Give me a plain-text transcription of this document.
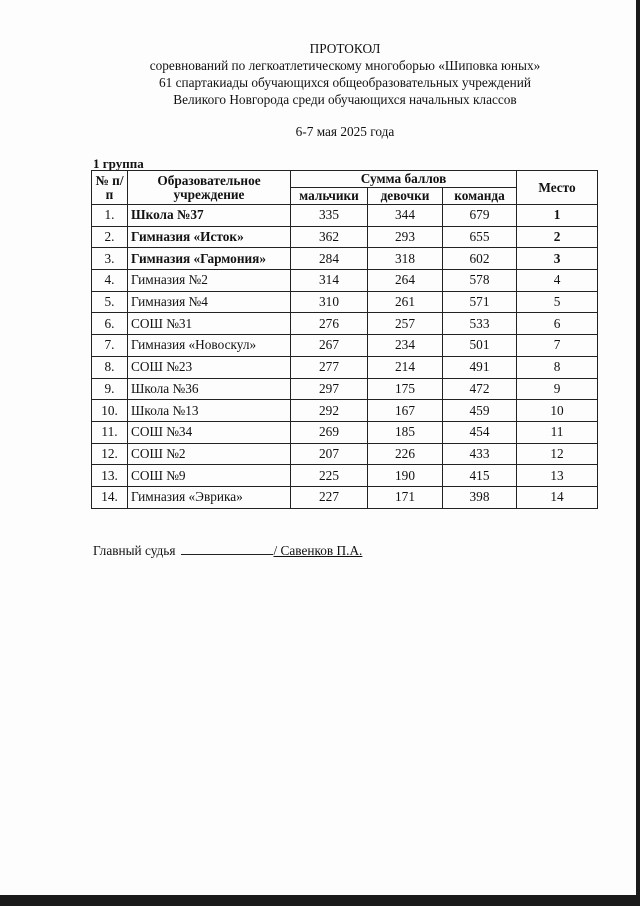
ПРОТОКОЛ
соревнований по легкоатлетическому многоборью «Шиповка юных»
61 спартакиады обучающихся общеобразовательных учреждений
Великого Новгорода среди обучающихся начальных классов
6-7 мая 2025 года
1 группа
№ п/п	Образовательное учреждение	Сумма баллов			Место
		мальчики	девочки	команда	
1.	Школа №37	335	344	679	1
2.	Гимназия «Исток»	362	293	655	2
3.	Гимназия «Гармония»	284	318	602	3
4.	Гимназия №2	314	264	578	4
5.	Гимназия №4	310	261	571	5
6.	СОШ №31	276	257	533	6
7.	Гимназия «Новоскул»	267	234	501	7
8.	СОШ №23	277	214	491	8
9.	Школа №36	297	175	472	9
10.	Школа №13	292	167	459	10
11.	СОШ №34	269	185	454	11
12.	СОШ №2	207	226	433	12
13.	СОШ №9	225	190	415	13
14.	Гимназия «Эврика»	227	171	398	14
Главный судья	/ Савенков П.А.
